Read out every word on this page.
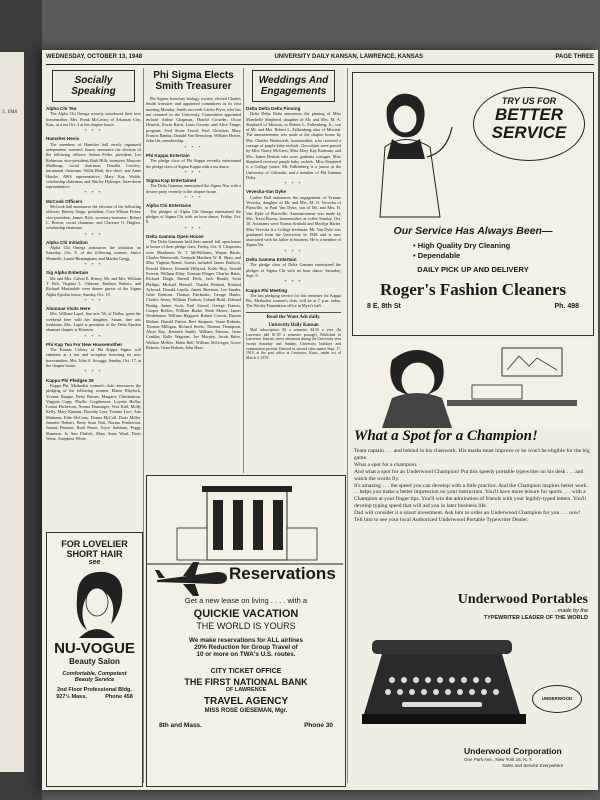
3, 1948
WEDNESDAY, OCTOBER 13, 1948	UNIVERSITY DAILY KANSAN, LAWRENCE, KANSAS	PAGE THREE
Socially Speaking
Alpha Chi Teu

The Alpha Chi Omega sorority introduced their new housemother, Mrs. Frank McCreary of Arkansas City, Kan., at a tea Oct. 3 at the chapter house.

* * *
Hamsher Hevis

The members of Hamsher hall newly organized independent women's house, announce the election of the following officers: Selma Feller, president; Lea Robinson, vice-president; Ruth Hills, treasurer; Marjorie Muilhoup, social chairman; Drusilla Crowley, intramural chairman; Wilda Biatt, fire chief; and Anne Hawke, AWS representative; Mary Kay Waldo, scholarship chairman; and Shirley Hyberger, Inter-dorm representative.

* * *
McCook Officers

McCook hall announces the election of the following officers: Harvey Stopp, president; Cora Wilson Fisher, vice-president; James Rich, secretary-treasurer; Robert C. Brown, social chairman; and Clarence O. Hughes, scholarship chairman.

* * *
Alpha Chi Initiation

Alpha Chi Omega announces the initiation on Saturday, Oct. 9, of the following women: Janice Monteith, Laurie Birmingham, and Martha Gregg.

* * *
Sig Alphs Entertain

Mr. and Mrs. Calvin E. Briney, Mr. and Mrs. William T. Belt, Virginia L. Osborne, Kathryn Walters, and Richard Martindale were dinner guests of the Sigma Alpha Epsilon house, Sunday, Oct. 10.

* * *
Alumnae Visits Here

Mrs. William Lapel, fine arts '36, of Dallas, spent the weekend here with her daughter, Susan, fine arts freshman. Mrs. Lapel is president of the Delta Epsilon alumnae chapter at Houston.

* * *
Phi Kap Tea For New Housemother

The Kansas Colony of Phi Kappa Sigma will entertain at a tea and reception honoring its new housemother, Mrs. John A. Scruggs, Sunday, Oct. 17, at the chapter house.

* * *
Kappa Phi Pledges 29

Kappa Phi, Methodist women's club, announces the pledging of the following women: Elaine Blaylock, Yvonne Braque, Betty Brown, Margaret Christianson, Virginia Copp, Phyllis Coughenour, Loyette Hollar, Lorina Hickerson, Norma Hunsinger, Vera Karl, Molly Kelly, Mary Kinnear, Dorothy Lear, Yvonne Lore, Ann Mahuron, Edie McCarty, Donna McCall, Doris Miller, Jeanette Neibert, Betty Sean Nott, Norma Pemberton, Jeanny Pearson, Ruth Pence, Joyce Salsbury, Peggy Shannon, Jo Ann Ehrlich, Mary Anne Ward, Doris Wertz, Josephine White.

Phi Sigma Elects Smith Treasurer

Phi Sigma, honorary biology society, elected Charles Smith treasurer and appointed committees at its first meeting Monday. Smith succeeds Carlos Pryor, who has not returned to the University. Committees appointed include Arthur Chapman, Harold Crowder, Oscar Henrick, Erwin Baird, Louis Gesette, and Alice Timpe, program; Fred Stone Trusal, Paul Christian, Mary Francis Ramba, Donald Van Benschop, William Hetzer, John Ott, membership.

* * *
Phi Kappa Entertain

The pledge class of Phi Kappa recently entertained the pledge class of Sigma Kappa with a tea dance.

* * *
Sigma Kap Entertained

The Delta Gammas entertained the Sigma Nus with a dessert party recently at the chapter house.

* * *
Alpha Chi Entertains

The pledges of Alpha Chi Omega entertained the pledges of Sigma Chi with an hour dance, Friday, Oct. 8.

* * *
Delta Gamma Open House

The Delta Gammas held their annual fall open house in honor of their pledge class, Friday, Oct. 8. Chaperons were Meadames W. T. McWilliams, Wayne Harris, Charles Wentworth, Gertrude Marthen, W. R. Shaw, and Miss Virginia Brand. Guests included James Endicott, Ronald Mercer, Kenneth Hillyard, Keith Hoy, Arnold Everett, William Dilay, Norman Flinger, Charles Bates, Richard Daigh, Darrell Deck, Jack Brader, Scott Phillips, Michael Metcalf, Charles Bennett, Richard Aylward, Donald Landis, James Sherman, Lee Sauder, Gene Robison, Thomas Fairbanks, George Hanks, Charles Avery, William Dodson, Leland Bishl, Edward Beulig, James Scott, Paul Stroud, George Francis, Cooper Bollow, William Burke, Mark Moore, James Wodehouse, William Haggard, Robert Cowen, Dayton Molam, Donald Patton, Bert Simpson, Verne Roberts, Thomas Milligan, Richard Steele, Thomas Thompson, Alton Ray, Kenneth Smith, William Parsons, Gene Conklin, Rolle Wagoner, Joe Murphy, Jacob Bales, Wallace McKee, Elden Bell, William McGregor, Grove Roberts, Gene Boloon, John Haas.

Weddings And Engagements
Delta Delta Delta Pinning

Delta Delta Delta announces the pinning of Miss Marybelle Shepherd, daughter of Mr. and Mrs. M. A. Shepherd of Mission, to Robert L. Falkenberg, Jr., son of Mr. and Mrs. Robert L. Falkenberg, also of Mission. The announcement was made at the chapter house by Mrs. Charles Wentworth, housemother, who received a corsage of purple baby orchids. Chocolates were passed by Miss Nancy McGrew, Miss Mary Kay Kottman, and Mrs. James Bertoia who wore gardenia corsages. Miss Shepherd received purple baby orchids. Miss Shepherd is a College junior. Mr. Falkenberg is a junior at the University of Colorado, and a member of Phi Gamma Delta.

* * *
Vevecka-Van Dyke

Corbin Hall announces the engagement of Yvonne Vevecka, daughter of Mr. and Mrs. M. O. Vevecka of Plainville, to Paul Van Dyke, son of Mr. and Mrs. H. Van Dyke of Plainville. Announcement was made by Mrs. Treva Brown, housemother, at coffee Sunday, Oct. 10. Assistants were Norma Arnhold and Marilyn Harter. Miss Vevecka is a College freshman. Mr. Van Dyke was graduated from the University in 1948 and is now associated with his father in business. He is a member of Sigma Nu.

* * *
Delta Gamma Entertain

The pledge class of Delta Gamma entertained the pledges of Sigma Chi with an hour dance, Saturday, Sept. 9.

* * *
Kappa Phi Meeting

The last pledging service for this semester for Kappa Phi, Methodist women's club, will be at 7 p.m. today. The Wesley Foundation office in Myer's hall.

Read the Want Ads daily.
University Daily Kansan

Mail subscription: $3 a semester, $4.50 a year. (In Lawrence add $1.00 a semester postage). Published in Lawrence, Kansas, every afternoon during the University year except Saturday and Sunday. University holidays and examination periods. Entered as second class matter Sept. 17, 1910, at the post office at Lawrence, Kans., under act of March 3, 1879.

TRY US FOR
BETTER
SERVICE
Our Service Has Always Been—
• High Quality Dry Cleaning
• Dependable
DAILY PICK UP AND DELIVERY
Roger's Fashion Cleaners
8 E. 8th St	Ph. 498
What a Spot for a Champion!
Team captain . . . and behind in his classwork. His marks must improve or he won't be eligible for the big game.
What a spot for a champion.
And what a spot for an Underwood Champion! Put this speedy portable typewriter on his desk . . . and watch the words fly.
It's amazing . . . the speed you can develop with a little practice. And the Champion inspires better work . . . helps you make a better impression on your instructors. You'll have more leisure for sports . . . with a Champion at your finger tips. You'll win the admiration of friends with your legibly-typed letters. You'll develop typing speed that will aid you in later business life.
Dad will consider it a smart investment. Ask him to order an Underwood Champion for you . . . now! Tell him to see your local Authorized Underwood Portable Typewriter Dealer.
Underwood Portables
. . . made by the
TYPEWRITER LEADER OF THE WORLD
UNDERWOOD
Underwood Corporation
One Park Ave., New York 16, N. Y.
Sales and Service Everywhere
FOR LOVELIER
SHORT HAIR
see
NU-VOGUE
Beauty Salon
Comfortable, Competent
Beauty Service
2nd Floor Professional Bldg.
927½ Mass.	Phone 458
Reservations
Get a new lease on living . . . . with a
QUICKIE VACATION
THE WORLD IS YOURS
We make reservations for ALL airlines
20% Reduction for Group Travel of
10 or more on TWA's U.S. routes.
CITY TICKET OFFICE
THE FIRST NATIONAL BANK
OF LAWRENCE
TRAVEL AGENCY
MISS ROSE GIESEMAN, Mgr.
8th and Mass.	Phone 30
